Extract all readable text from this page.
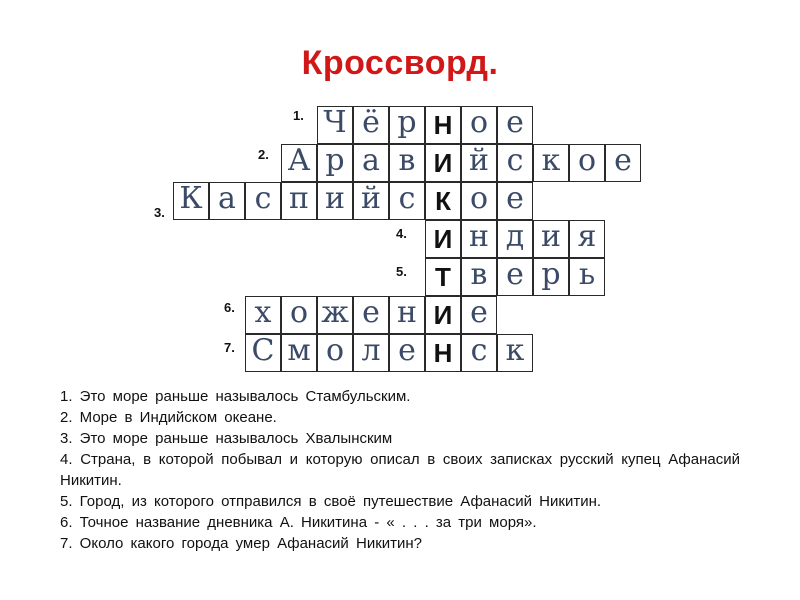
Кроссворд.
Ч ё р Н о е
1.
А р а в И й с к о е
2.
К а с п и й с К о е
3.
И н д и я
4.
Т в е р ь
5.
х о ж е н И е
6.
С м о л е Н с к
7.
1. Это море раньше называлось Стамбульским.
2. Море в Индийском океане.
3. Это море раньше называлось Хвалынским
4. Страна, в которой побывал и которую описал в своих записках русский купец Афанасий Никитин.
5. Город, из которого отправился в своё путешествие Афанасий Никитин.
6. Точное название дневника А. Никитина - « . . . за три моря».
7. Около какого города умер Афанасий Никитин?
